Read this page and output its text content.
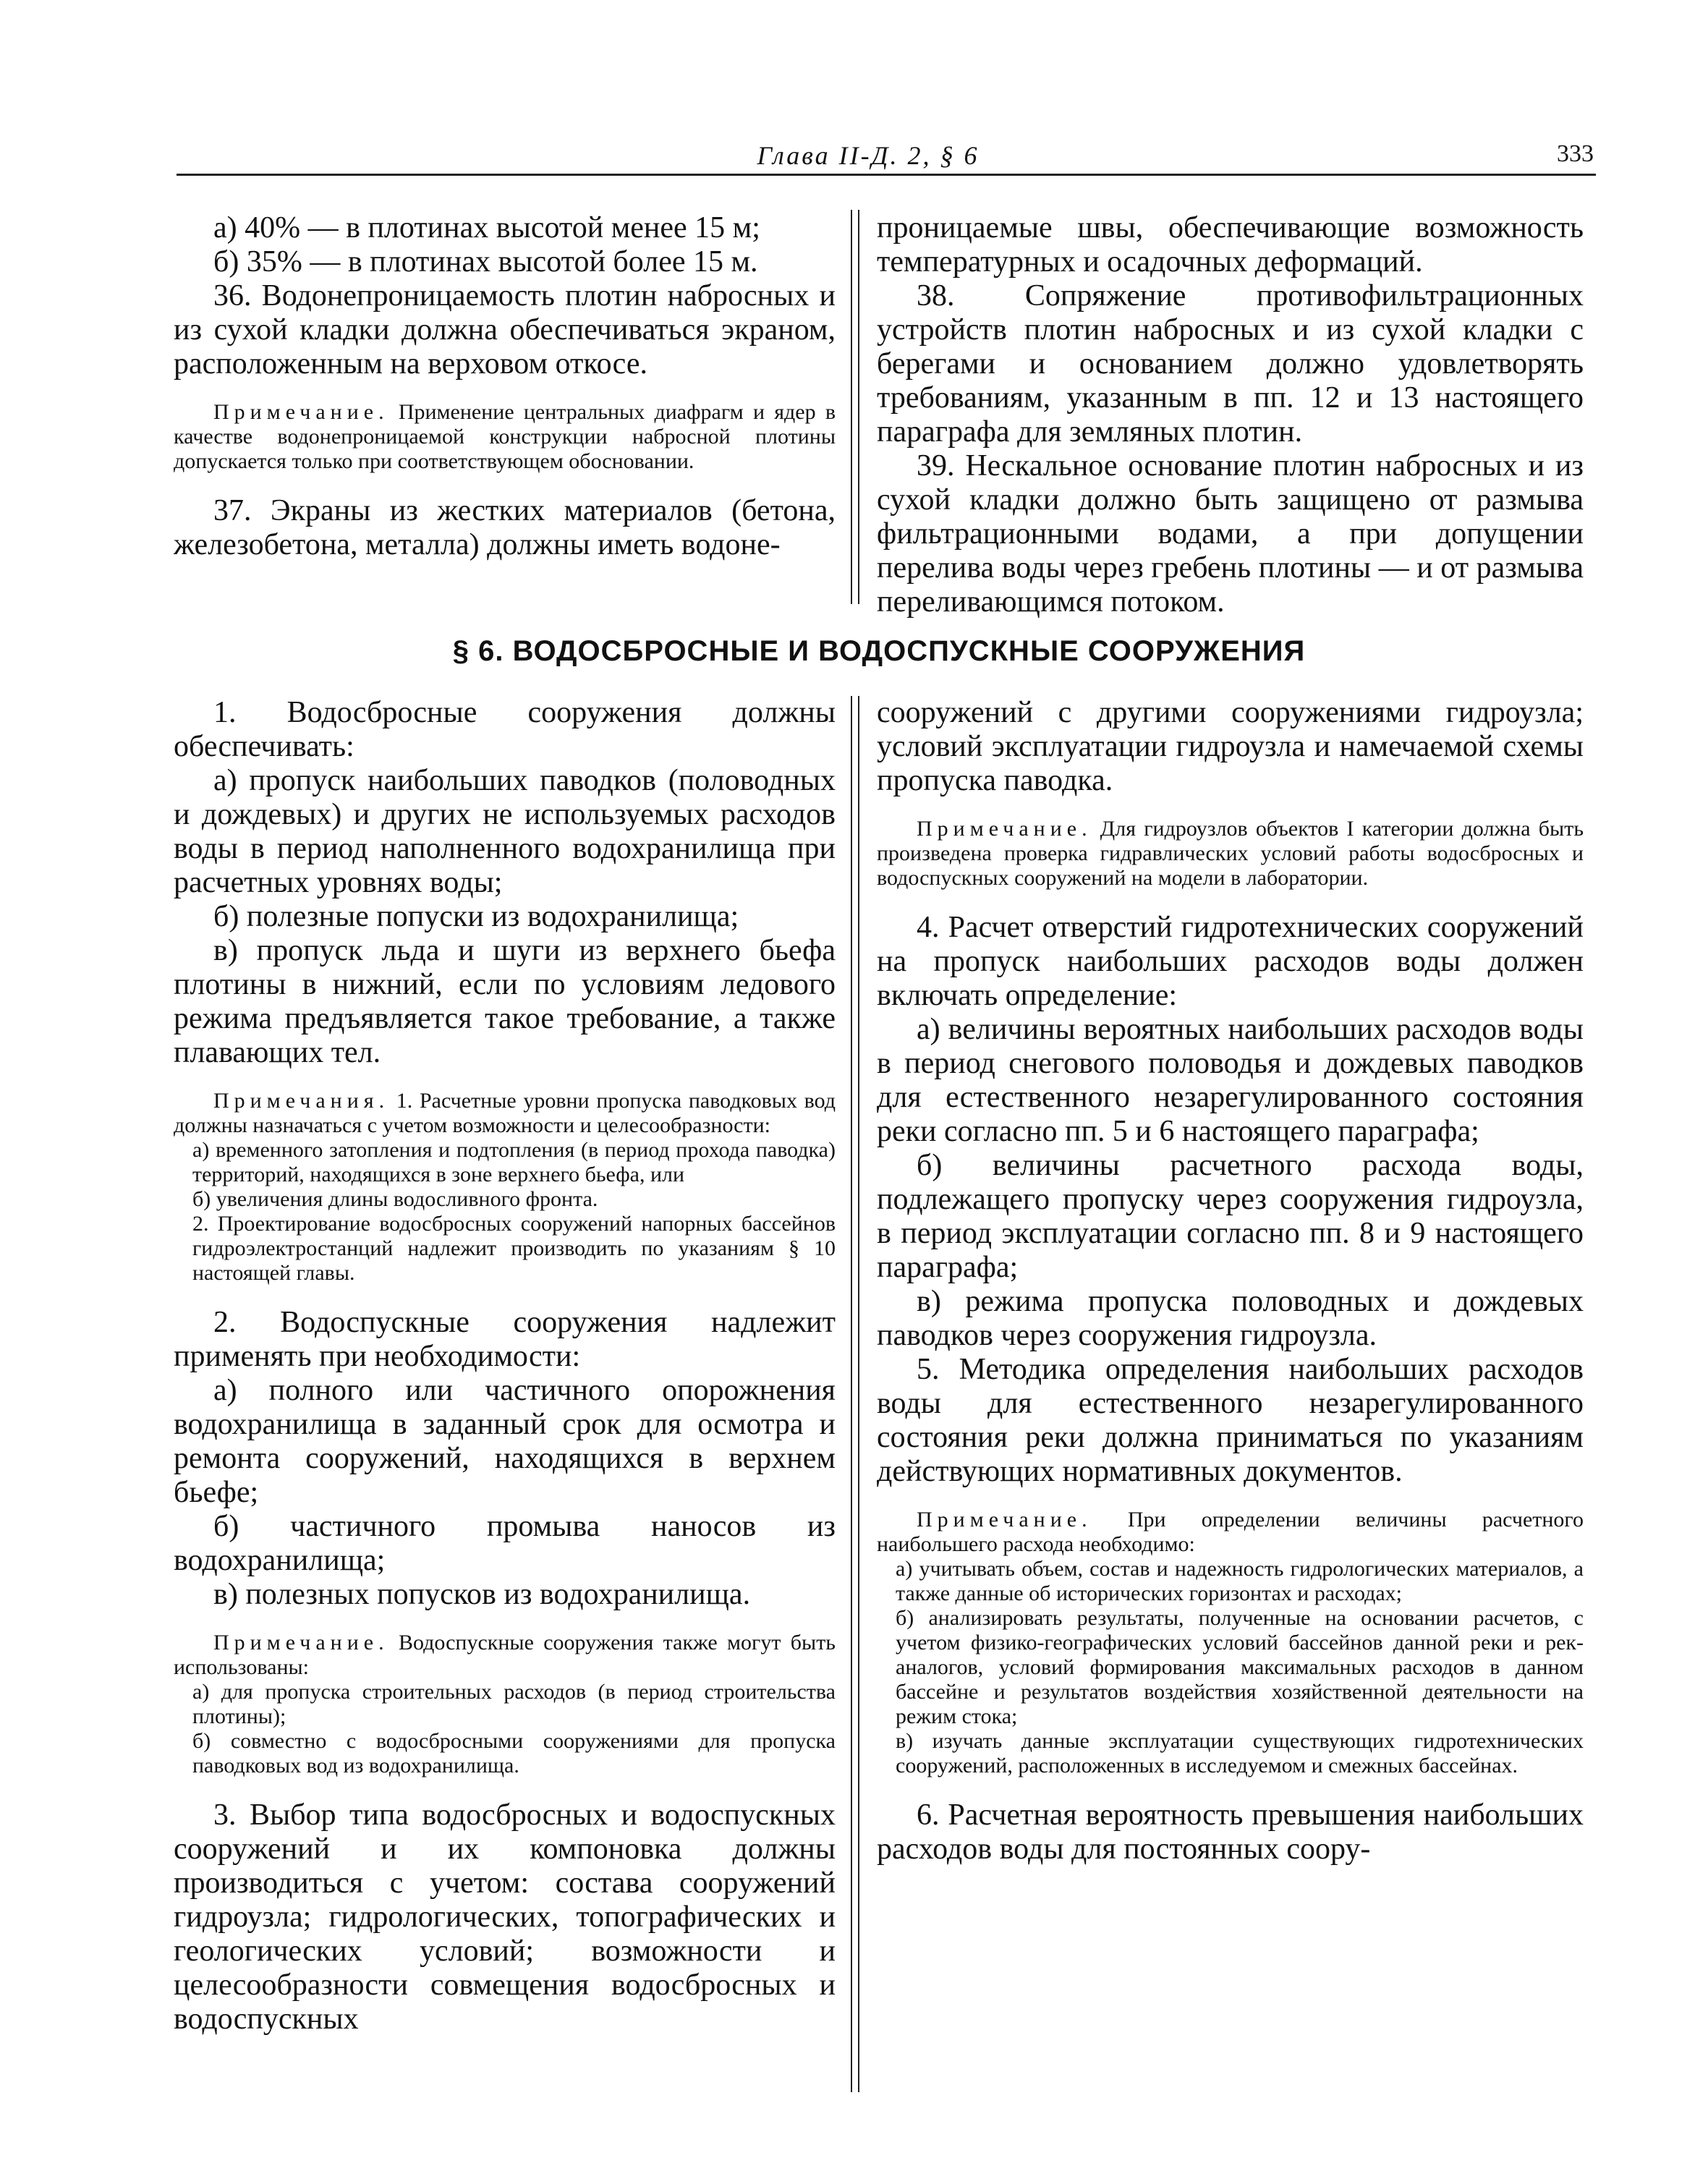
Глава II-Д. 2, § 6	333

а) 40% — в плотинах высотой менее 15 м;

б) 35% — в плотинах высотой более 15 м.

36. Водонепроницаемость плотин набросных и из сухой кладки должна обеспечиваться экраном, расположенным на верховом откосе.

Примечание. Применение центральных диафрагм и ядер в качестве водонепроницаемой конструкции набросной плотины допускается только при соответствующем обосновании.

37. Экраны из жестких материалов (бетона, железобетона, металла) должны иметь водоне-

проницаемые швы, обеспечивающие возможность температурных и осадочных деформаций.

38. Сопряжение противофильтрационных устройств плотин набросных и из сухой кладки с берегами и основанием должно удовлетворять требованиям, указанным в пп. 12 и 13 настоящего параграфа для земляных плотин.

39. Нескальное основание плотин набросных и из сухой кладки должно быть защищено от размыва фильтрационными водами, а при допущении перелива воды через гребень плотины — и от размыва переливающимся потоком.

§ 6. ВОДОСБРОСНЫЕ И ВОДОСПУСКНЫЕ СООРУЖЕНИЯ

1. Водосбросные сооружения должны обеспечивать:

а) пропуск наибольших паводков (половодных и дождевых) и других не используемых расходов воды в период наполненного водохранилища при расчетных уровнях воды;

б) полезные попуски из водохранилища;

в) пропуск льда и шуги из верхнего бьефа плотины в нижний, если по условиям ледового режима предъявляется такое требование, а также плавающих тел.

Примечания. 1. Расчетные уровни пропуска паводковых вод должны назначаться с учетом возможности и целесообразности:

а) временного затопления и подтопления (в период прохода паводка) территорий, находящихся в зоне верхнего бьефа, или

б) увеличения длины водосливного фронта.

2. Проектирование водосбросных сооружений напорных бассейнов гидроэлектростанций надлежит производить по указаниям § 10 настоящей главы.

2. Водоспускные сооружения надлежит применять при необходимости:

а) полного или частичного опорожнения водохранилища в заданный срок для осмотра и ремонта сооружений, находящихся в верхнем бьефе;

б) частичного промыва наносов из водохранилища;

в) полезных попусков из водохранилища.

Примечание. Водоспускные сооружения также могут быть использованы:

а) для пропуска строительных расходов (в период строительства плотины);

б) совместно с водосбросными сооружениями для пропуска паводковых вод из водохранилища.

3. Выбор типа водосбросных и водоспускных сооружений и их компоновка должны производиться с учетом: состава сооружений гидроузла; гидрологических, топографических и геологических условий; возможности и целесообразности совмещения водосбросных и водоспускных

сооружений с другими сооружениями гидроузла; условий эксплуатации гидроузла и намечаемой схемы пропуска паводка.

Примечание. Для гидроузлов объектов I категории должна быть произведена проверка гидравлических условий работы водосбросных и водоспускных сооружений на модели в лаборатории.

4. Расчет отверстий гидротехнических сооружений на пропуск наибольших расходов воды должен включать определение:

а) величины вероятных наибольших расходов воды в период снегового половодья и дождевых паводков для естественного незарегулированного состояния реки согласно пп. 5 и 6 настоящего параграфа;

б) величины расчетного расхода воды, подлежащего пропуску через сооружения гидроузла, в период эксплуатации согласно пп. 8 и 9 настоящего параграфа;

в) режима пропуска половодных и дождевых паводков через сооружения гидроузла.

5. Методика определения наибольших расходов воды для естественного незарегулированного состояния реки должна приниматься по указаниям действующих нормативных документов.

Примечание. При определении величины расчетного наибольшего расхода необходимо:

а) учитывать объем, состав и надежность гидрологических материалов, а также данные об исторических горизонтах и расходах;

б) анализировать результаты, полученные на основании расчетов, с учетом физико-географических условий бассейнов данной реки и рек-аналогов, условий формирования максимальных расходов в данном бассейне и результатов воздействия хозяйственной деятельности на режим стока;

в) изучать данные эксплуатации существующих гидротехнических сооружений, расположенных в исследуемом и смежных бассейнах.

6. Расчетная вероятность превышения наибольших расходов воды для постоянных соору-
